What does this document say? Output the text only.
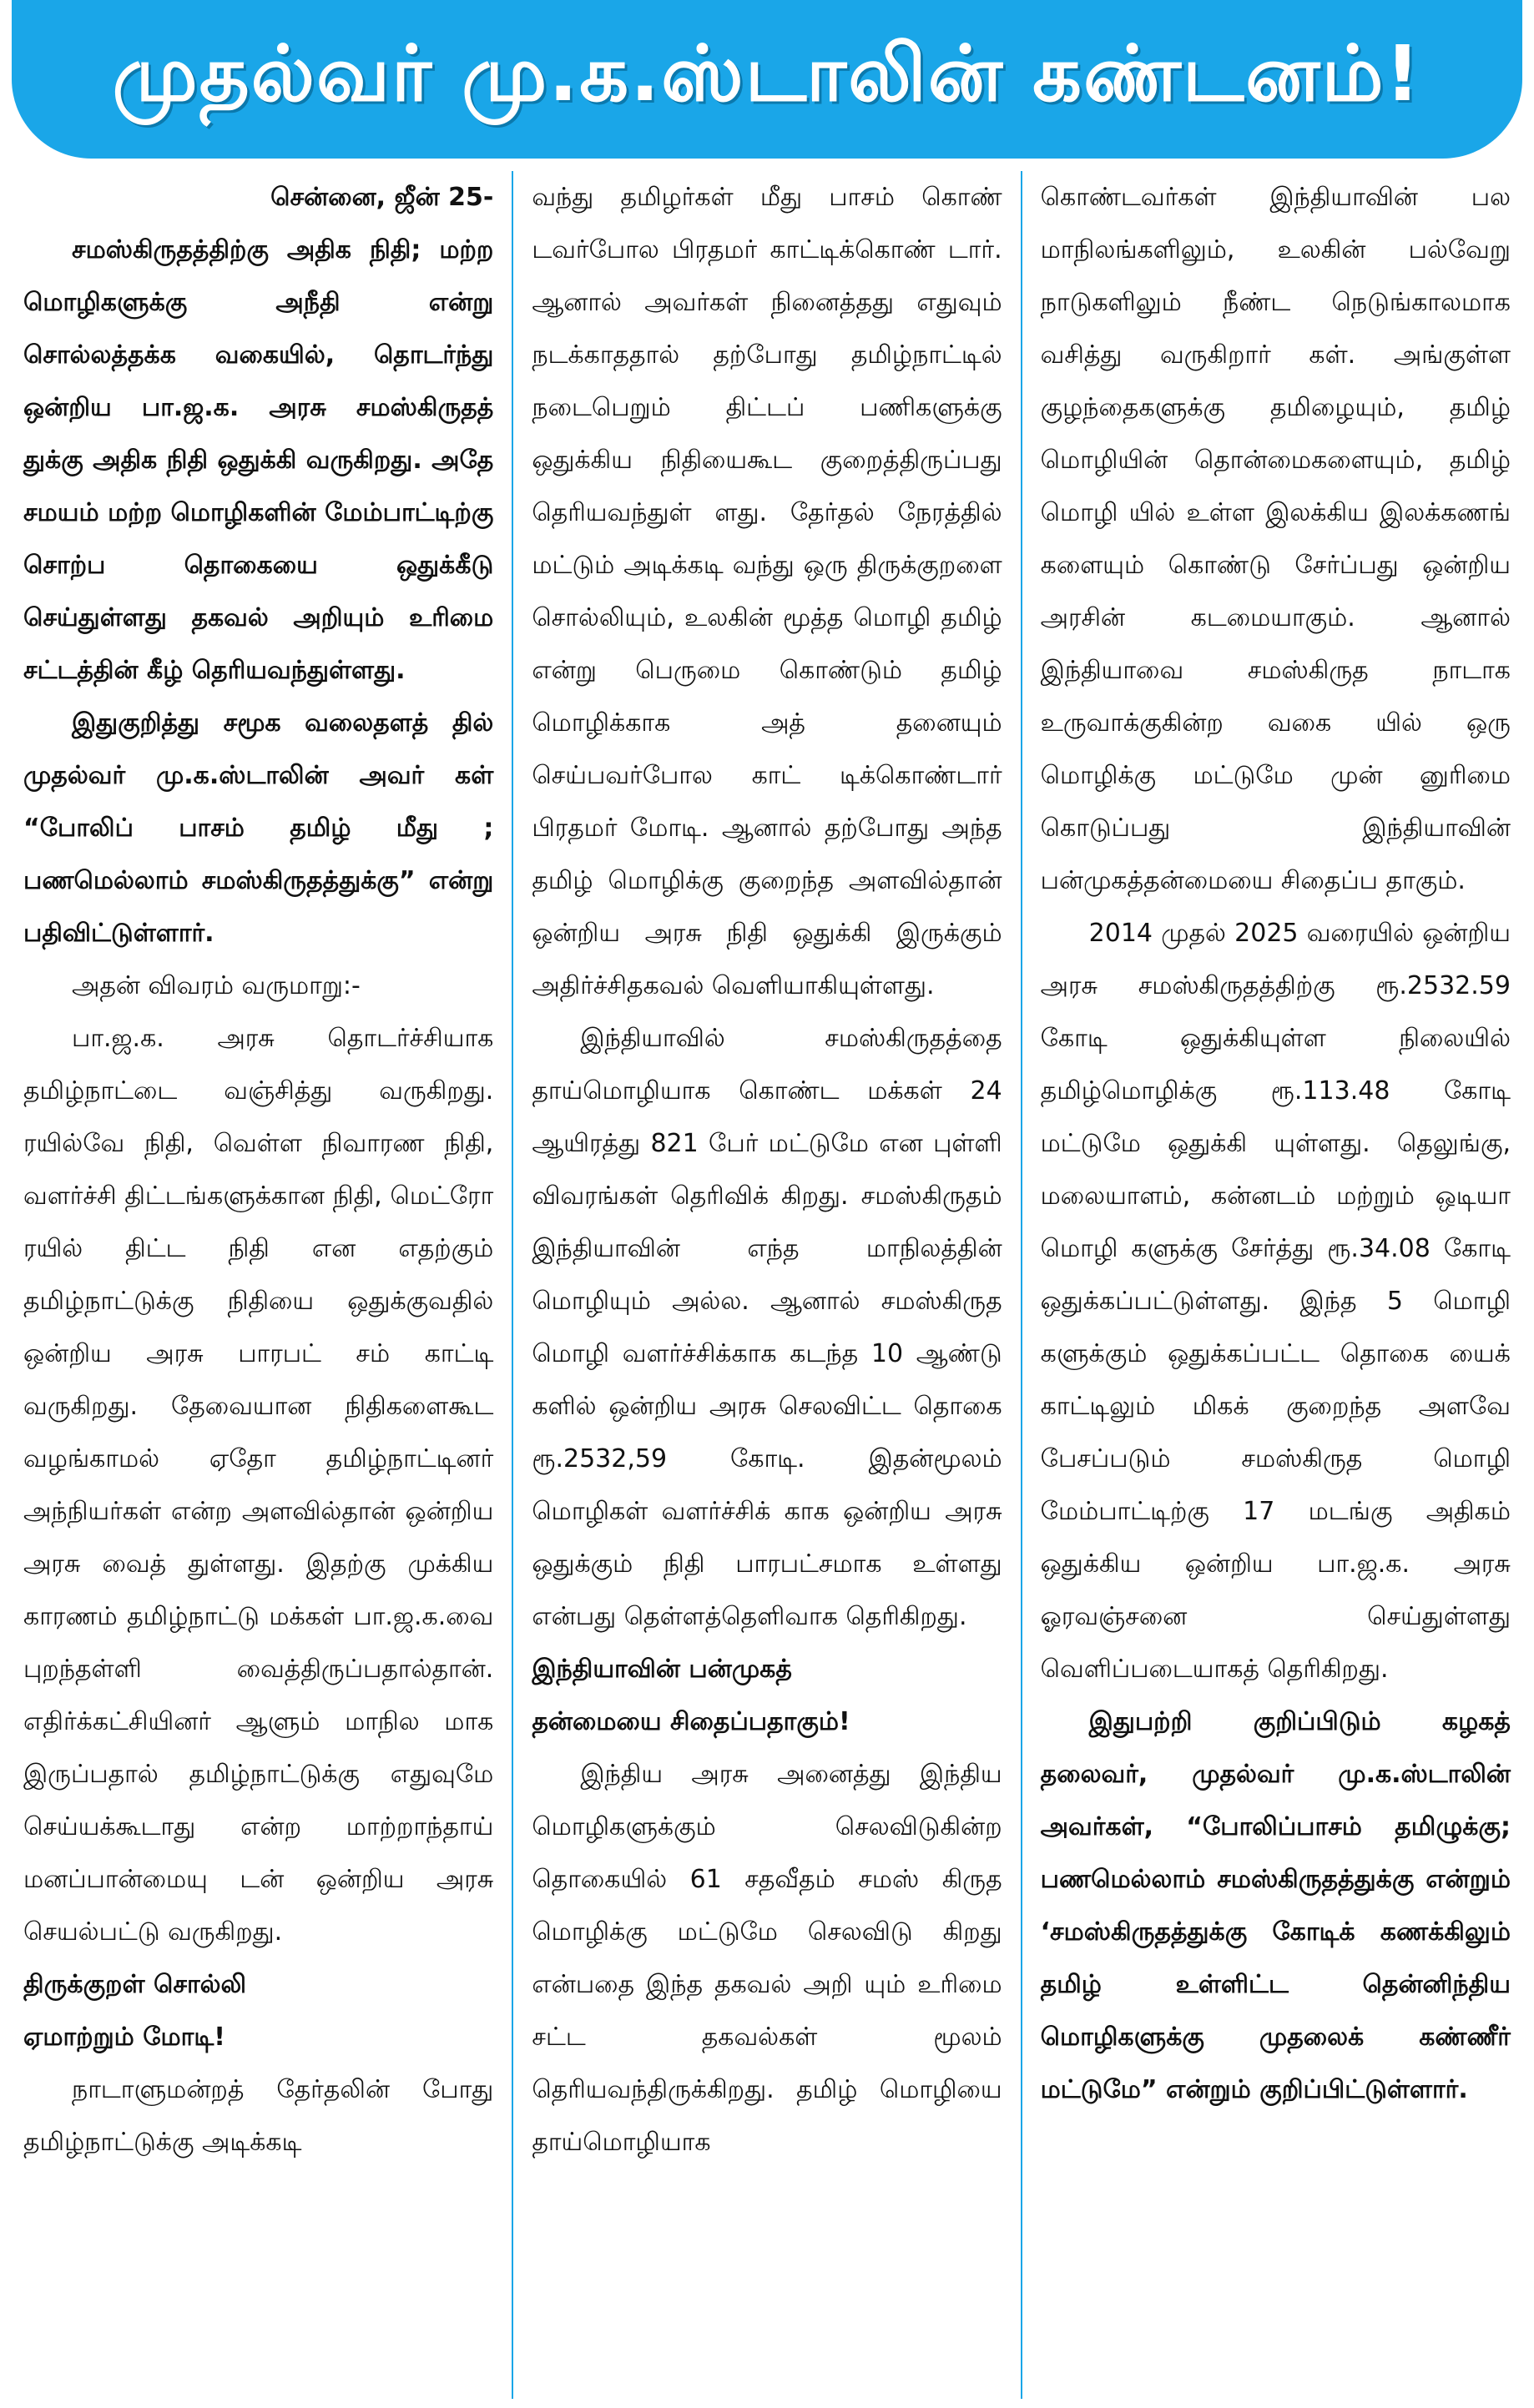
முதல்வர் மு.க.ஸ்டாலின் கண்டனம்!

சென்னை, ஜீன் 25-

சமஸ்கிருதத்திற்கு அதிக நிதி; மற்ற மொழிகளுக்கு அநீதி என்று சொல்லத்தக்க வகையில், தொடர்ந்து ஒன்றிய பா.ஜ.க. அரசு சமஸ்கிருதத் துக்கு அதிக நிதி ஒதுக்கி வருகிறது. அதே சமயம் மற்ற மொழிகளின் மேம்பாட்டிற்கு சொற்ப தொகையை ஒதுக்கீடு செய்துள்ளது தகவல் அறியும் உரிமை சட்டத்தின் கீழ் தெரியவந்துள்ளது.

இதுகுறித்து சமூக வலைதளத் தில் முதல்வர் மு.க.ஸ்டாலின் அவர் கள் “போலிப் பாசம் தமிழ் மீது ; பணமெல்லாம் சமஸ்கிருதத்துக்கு” என்று பதிவிட்டுள்ளார்.

அதன் விவரம் வருமாறு:-

பா.ஜ.க. அரசு தொடர்ச்சியாக தமிழ்நாட்டை வஞ்சித்து வருகிறது. ரயில்வே நிதி, வெள்ள நிவாரண நிதி, வளர்ச்சி திட்டங்களுக்கான நிதி, மெட்ரோ ரயில் திட்ட நிதி என எதற்கும் தமிழ்நாட்டுக்கு நிதியை ஒதுக்குவதில் ஒன்றிய அரசு பாரபட் சம் காட்டி வருகிறது. தேவையான நிதிகளைகூட வழங்காமல் ஏதோ தமிழ்நாட்டினர் அந்நியர்கள் என்ற அளவில்தான் ஒன்றிய அரசு வைத் துள்ளது. இதற்கு முக்கிய காரணம் தமிழ்நாட்டு மக்கள் பா.ஜ.க.வை புறந்தள்ளி வைத்திருப்பதால்தான். எதிர்க்கட்சியினர் ஆளும் மாநில மாக இருப்பதால் தமிழ்நாட்டுக்கு எதுவுமே செய்யக்கூடாது என்ற மாற்றாந்தாய் மனப்பான்மையு டன் ஒன்றிய அரசு செயல்பட்டு வருகிறது.

திருக்குறள் சொல்லி

ஏமாற்றும் மோடி!

நாடாளுமன்றத் தேர்தலின் போது தமிழ்நாட்டுக்கு அடிக்கடி

வந்து தமிழர்கள் மீது பாசம் கொண் டவர்போல பிரதமர் காட்டிக்கொண் டார். ஆனால் அவர்கள் நினைத்தது எதுவும் நடக்காததால் தற்போது தமிழ்நாட்டில் நடைபெறும் திட்டப் பணிகளுக்கு ஒதுக்கிய நிதியைகூட குறைத்திருப்பது தெரியவந்துள் ளது. தேர்தல் நேரத்தில் மட்டும் அடிக்கடி வந்து ஒரு திருக்குறளை சொல்லியும், உலகின் மூத்த மொழி தமிழ் என்று பெருமை கொண்டும் தமிழ் மொழிக்காக அத் தனையும் செய்பவர்போல காட் டிக்கொண்டார் பிரதமர் மோடி. ஆனால் தற்போது அந்த தமிழ் மொழிக்கு குறைந்த அளவில்தான் ஒன்றிய அரசு நிதி ஒதுக்கி இருக்கும் அதிர்ச்சிதகவல் வெளியாகியுள்ளது.

இந்தியாவில் சமஸ்கிருதத்தை தாய்மொழியாக கொண்ட மக்கள் 24 ஆயிரத்து 821 பேர் மட்டுமே என புள்ளி விவரங்கள் தெரிவிக் கிறது. சமஸ்கிருதம் இந்தியாவின் எந்த மாநிலத்தின் மொழியும் அல்ல. ஆனால் சமஸ்கிருத மொழி வளர்ச்சிக்காக கடந்த 10 ஆண்டு களில் ஒன்றிய அரசு செலவிட்ட தொகை ரூ.2532,59 கோடி. இதன்மூலம் மொழிகள் வளர்ச்சிக் காக ஒன்றிய அரசு ஒதுக்கும் நிதி பாரபட்சமாக உள்ளது என்பது தெள்ளத்தெளிவாக தெரிகிறது.

இந்தியாவின் பன்முகத்

தன்மையை சிதைப்பதாகும்!

இந்திய அரசு அனைத்து இந்திய மொழிகளுக்கும் செலவிடுகின்ற தொகையில் 61 சதவீதம் சமஸ் கிருத மொழிக்கு மட்டுமே செலவிடு கிறது என்பதை இந்த தகவல் அறி யும் உரிமை சட்ட தகவல்கள் மூலம் தெரியவந்திருக்கிறது. தமிழ் மொழியை தாய்மொழியாக

கொண்டவர்கள் இந்தியாவின் பல மாநிலங்களிலும், உலகின் பல்வேறு நாடுகளிலும் நீண்ட நெடுங்காலமாக வசித்து வருகிறார் கள். அங்குள்ள குழந்தைகளுக்கு தமிழையும், தமிழ் மொழியின் தொன்மைகளையும், தமிழ் மொழி யில் உள்ள இலக்கிய இலக்கணங் களையும் கொண்டு சேர்ப்பது ஒன்றிய அரசின் கடமையாகும். ஆனால் இந்தியாவை சமஸ்கிருத நாடாக உருவாக்குகின்ற வகை யில் ஒரு மொழிக்கு மட்டுமே முன் னுரிமை கொடுப்பது இந்தியாவின் பன்முகத்தன்மையை சிதைப்ப தாகும்.

2014 முதல் 2025 வரையில் ஒன்றிய அரசு சமஸ்கிருதத்திற்கு ரூ.2532.59 கோடி ஒதுக்கியுள்ள நிலையில் தமிழ்மொழிக்கு ரூ.113.48 கோடி மட்டுமே ஒதுக்கி யுள்ளது. தெலுங்கு, மலையாளம், கன்னடம் மற்றும் ஒடியா மொழி களுக்கு சேர்த்து ரூ.34.08 கோடி ஒதுக்கப்பட்டுள்ளது. இந்த 5 மொழி களுக்கும் ஒதுக்கப்பட்ட தொகை யைக் காட்டிலும் மிகக் குறைந்த அளவே பேசப்படும் சமஸ்கிருத மொழி மேம்பாட்டிற்கு 17 மடங்கு அதிகம் ஒதுக்கிய ஒன்றிய பா.ஜ.க. அரசு ஓரவஞ்சனை செய்துள்ளது வெளிப்படையாகத் தெரிகிறது.

இதுபற்றி குறிப்பிடும் கழகத் தலைவர், முதல்வர் மு.க.ஸ்டாலின் அவர்கள், “போலிப்பாசம் தமிழுக்கு; பணமெல்லாம் சமஸ்கிருதத்துக்கு என்றும் ‘சமஸ்கிருதத்துக்கு கோடிக் கணக்கிலும் தமிழ் உள்ளிட்ட தென்னிந்திய மொழிகளுக்கு முதலைக் கண்ணீர் மட்டுமே” என்றும் குறிப்பிட்டுள்ளார்.
